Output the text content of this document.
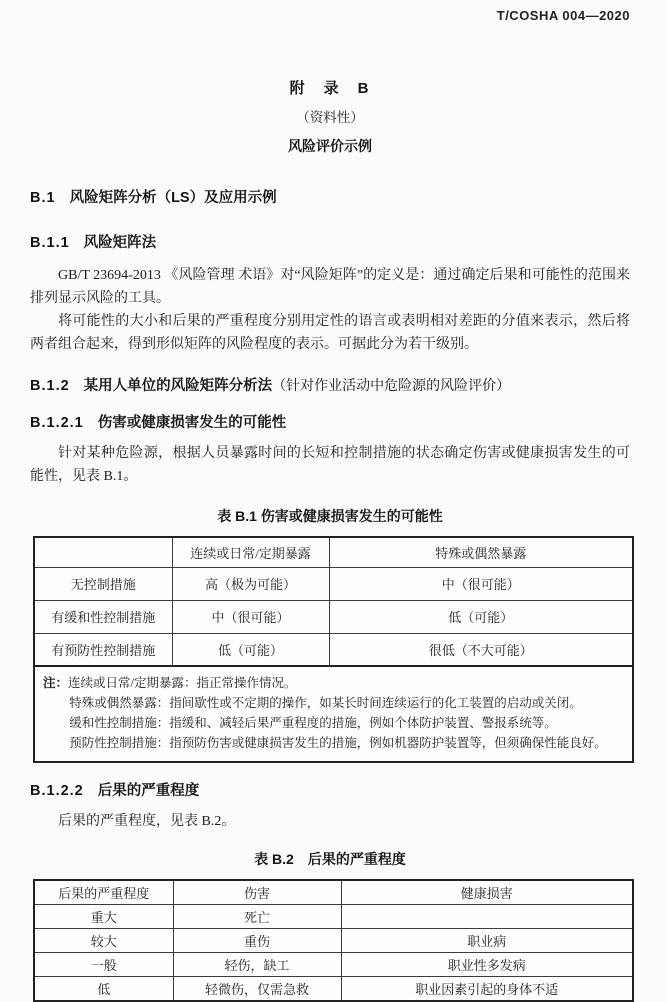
T/COSHA 004—2020
附　录　B
（资料性）
风险评价示例
B.1 风险矩阵分析（LS）及应用示例
B.1.1 风险矩阵法
GB/T 23694-2013 《风险管理 术语》对“风险矩阵”的定义是：通过确定后果和可能性的范围来排列显示风险的工具。
将可能性的大小和后果的严重程度分别用定性的语言或表明相对差距的分值来表示，然后将两者组合起来，得到形似矩阵的风险程度的表示。可据此分为若干级别。
B.1.2 某用人单位的风险矩阵分析法（针对作业活动中危险源的风险评价）
B.1.2.1 伤害或健康损害发生的可能性
针对某种危险源，根据人员暴露时间的长短和控制措施的状态确定伤害或健康损害发生的可能性，见表 B.1。
表 B.1 伤害或健康损害发生的可能性
	连续或日常/定期暴露	特殊或偶然暴露
无控制措施	高（极为可能）	中（很可能）
有缓和性控制措施	中（很可能）	低（可能）
有预防性控制措施	低（可能）	很低（不大可能）

注：连续或日常/定期暴露：指正常操作情况。
特殊或偶然暴露：指间歇性或不定期的操作，如某长时间连续运行的化工装置的启动或关闭。
缓和性控制措施：指缓和、减轻后果严重程度的措施，例如个体防护装置、警报系统等。
预防性控制措施：指预防伤害或健康损害发生的措施，例如机器防护装置等，但须确保性能良好。		
B.1.2.2 后果的严重程度
后果的严重程度，见表 B.2。
表 B.2　后果的严重程度
后果的严重程度	伤害	健康损害
重大	死亡	
较大	重伤	职业病
一般	轻伤，缺工	职业性多发病
低	轻微伤，仅需急救	职业因素引起的身体不适
